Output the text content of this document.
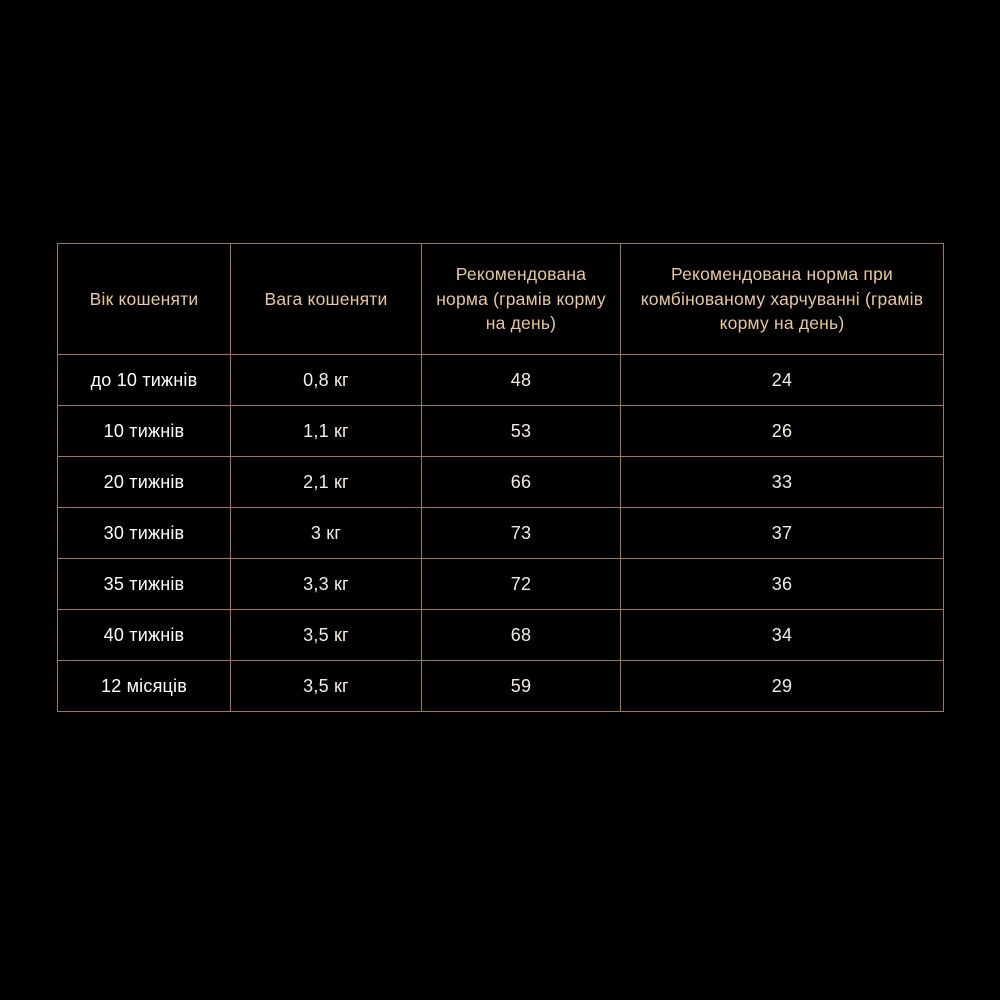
Вік кошеняти	Вага кошеняти	Рекомендована норма (грамів корму на день)	Рекомендована норма при комбінованому харчуванні (грамів корму на день)
до 10 тижнів	0,8 кг	48	24
10 тижнів	1,1 кг	53	26
20 тижнів	2,1 кг	66	33
30 тижнів	3 кг	73	37
35 тижнів	3,3 кг	72	36
40 тижнів	3,5 кг	68	34
12 місяців	3,5 кг	59	29
